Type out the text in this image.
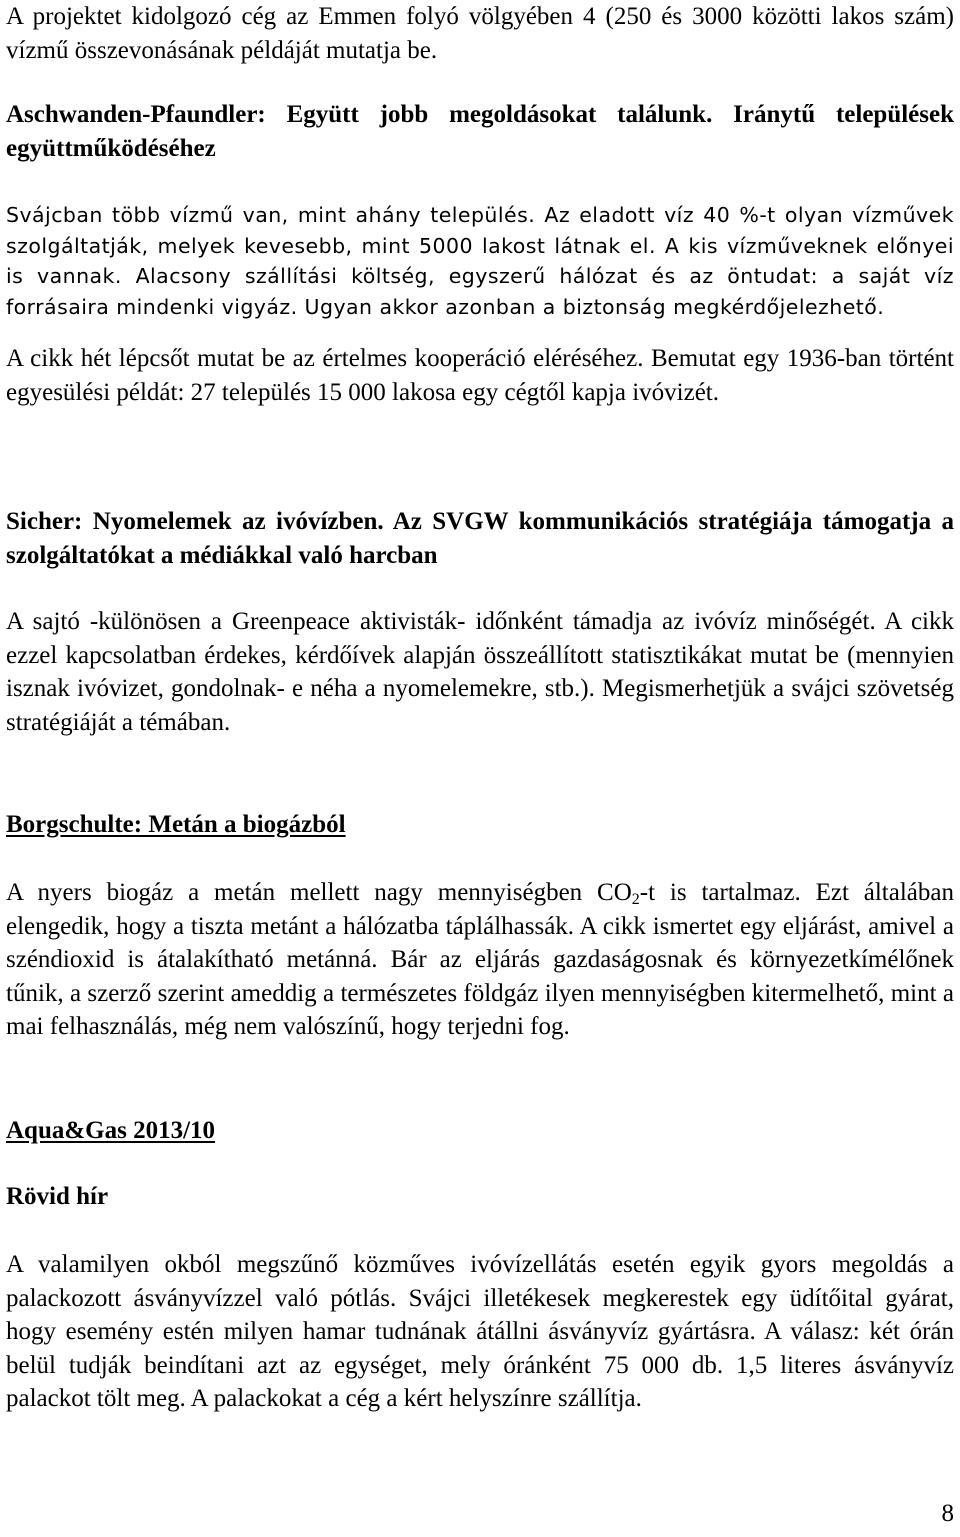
A projektet kidolgozó cég az Emmen folyó völgyében 4 (250 és 3000 közötti lakos szám) vízmű összevonásának példáját mutatja be.

Aschwanden-Pfaundler: Együtt jobb megoldásokat találunk. Iránytű települések együttműködéséhez

Svájcban több vízmű van, mint ahány település. Az eladott víz 40 %-t olyan vízművek szolgáltatják, melyek kevesebb, mint 5000 lakost látnak el. A kis vízműveknek előnyei is vannak. Alacsony szállítási költség, egyszerű hálózat és az öntudat: a saját víz forrásaira mindenki vigyáz. Ugyan akkor azonban a biztonság megkérdőjelezhető.

A cikk hét lépcsőt mutat be az értelmes kooperáció eléréséhez. Bemutat egy 1936-ban történt egyesülési példát: 27 település 15 000 lakosa egy cégtől kapja ivóvizét.

Sicher: Nyomelemek az ivóvízben. Az SVGW kommunikációs stratégiája támogatja a szolgáltatókat a médiákkal való harcban

A sajtó -különösen a Greenpeace aktivisták- időnként támadja az ivóvíz minőségét. A cikk ezzel kapcsolatban érdekes, kérdőívek alapján összeállított statisztikákat mutat be (mennyien isznak ivóvizet, gondolnak- e néha a nyomelemekre, stb.). Megismerhetjük a svájci szövetség stratégiáját a témában.

Borgschulte: Metán a biogázból

A nyers biogáz a metán mellett nagy mennyiségben $CO_2-t$ is tartalmaz. Ezt általában elengedik, hogy a tiszta metánt a hálózatba táplálhassák. A cikk ismertet egy eljárást, amivel a széndioxid is átalakítható metánná. Bár az eljárás gazdaságosnak és környezetkímélőnek tűnik, a szerző szerint ameddig a természetes földgáz ilyen mennyiségben kitermelhető, mint a mai felhasználás, még nem valószínű, hogy terjedni fog.

Aqua&Gas 2013/10
Rövid hír

A valamilyen okból megszűnő közműves ivóvízellátás esetén egyik gyors megoldás a palackozott ásványvízzel való pótlás. Svájci illetékesek megkerestek egy üdítőital gyárat, hogy esemény estén milyen hamar tudnának átállni ásványvíz gyártásra. A válasz: két órán belül tudják beindítani azt az egységet, mely óránként 75 000 db. 1,5 literes ásványvíz palackot tölt meg. A palackokat a cég a kért helyszínre szállítja.

8
